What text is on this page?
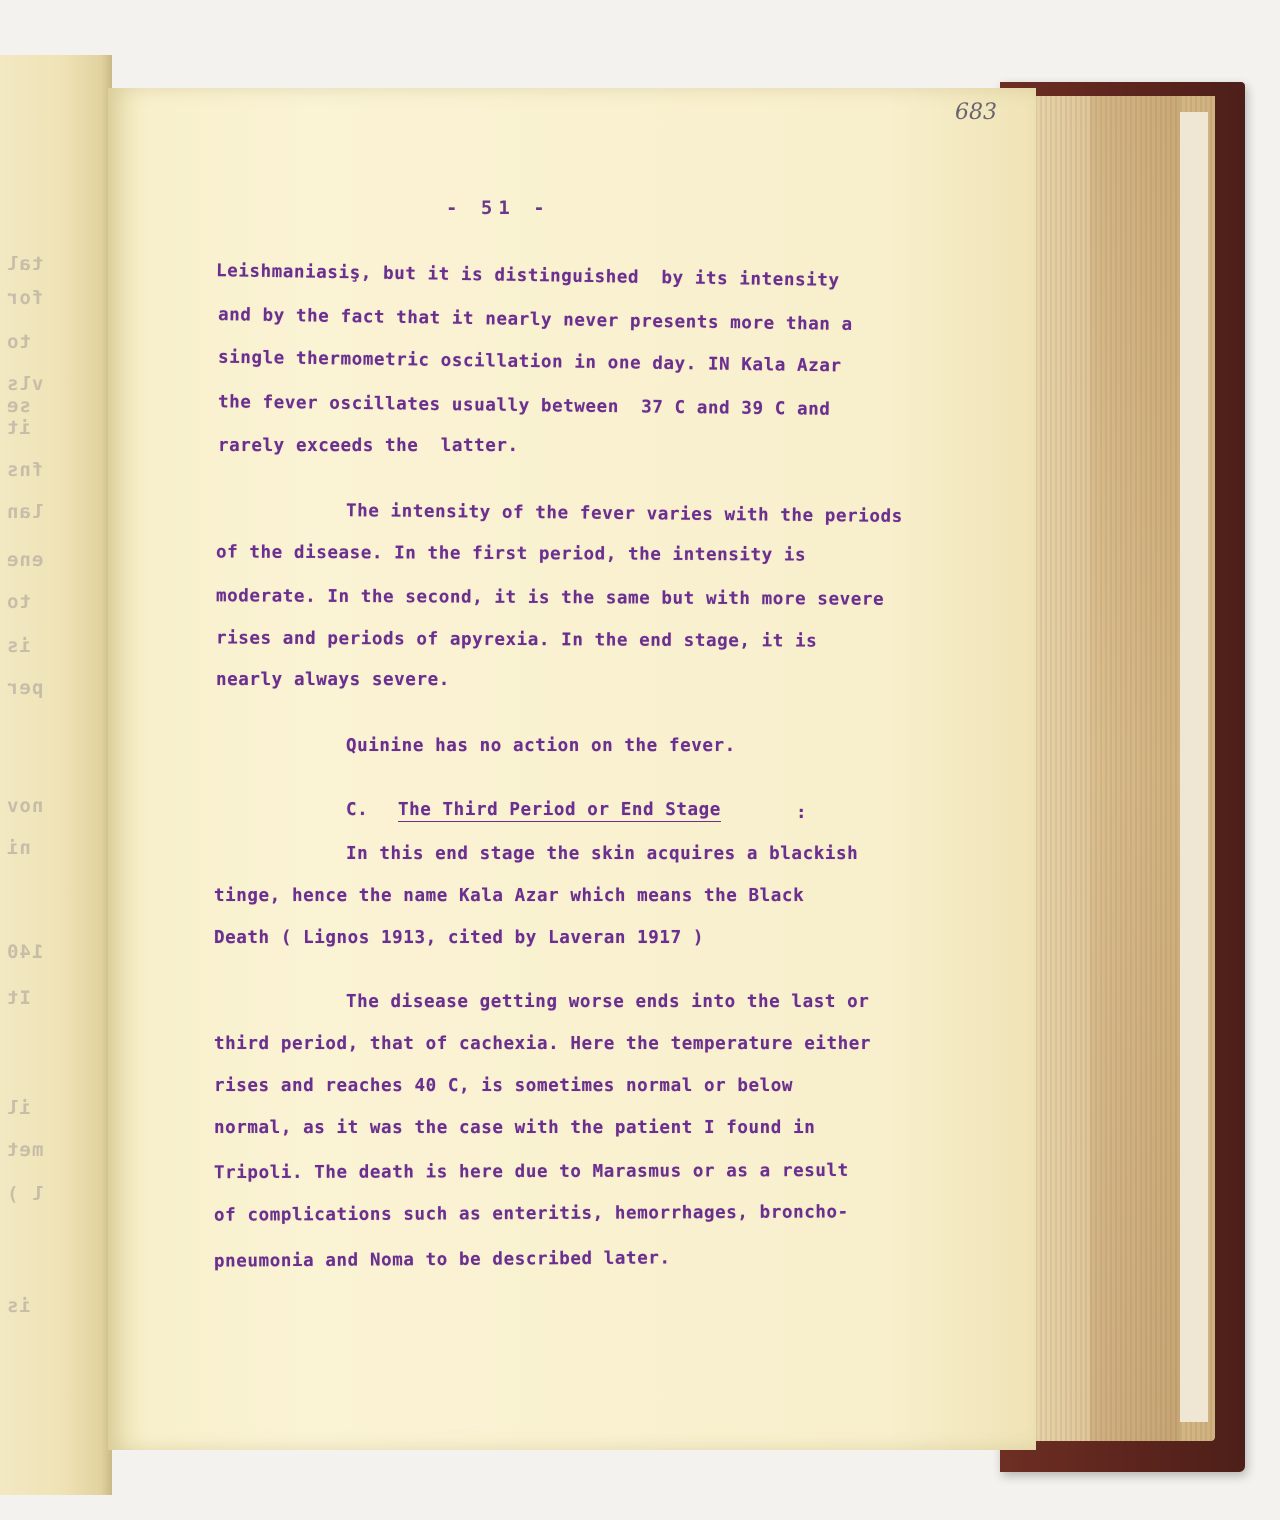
tal
for
to
vls
se
it
fns
lan
ene
to
is
per
nov
ni
140
It
il
met
l )
is
683
- 51 -
Leishmaniasiş, but it is distinguished  by its intensity
and by the fact that it nearly never presents more than a
single thermometric oscillation in one day. IN Kala Azar
the fever oscillates usually between  37 C and 39 C and
rarely exceeds the  latter.
The intensity of the fever varies with the periods
of the disease. In the first period, the intensity is
moderate. In the second, it is the same but with more severe
rises and periods of apyrexia. In the end stage, it is
nearly always severe.
Quinine has no action on the fever.
C. The Third Period or End Stage	:
In this end stage the skin acquires a blackish
tinge, hence the name Kala Azar which means the Black
Death ( Lignos 1913, cited by Laveran 1917 )
The disease getting worse ends into the last or
third period, that of cachexia. Here the temperature either
rises and reaches 40 C, is sometimes normal or below
normal, as it was the case with the patient I found in
Tripoli. The death is here due to Marasmus or as a result
of complications such as enteritis, hemorrhages, broncho-
pneumonia and Noma to be described later.
